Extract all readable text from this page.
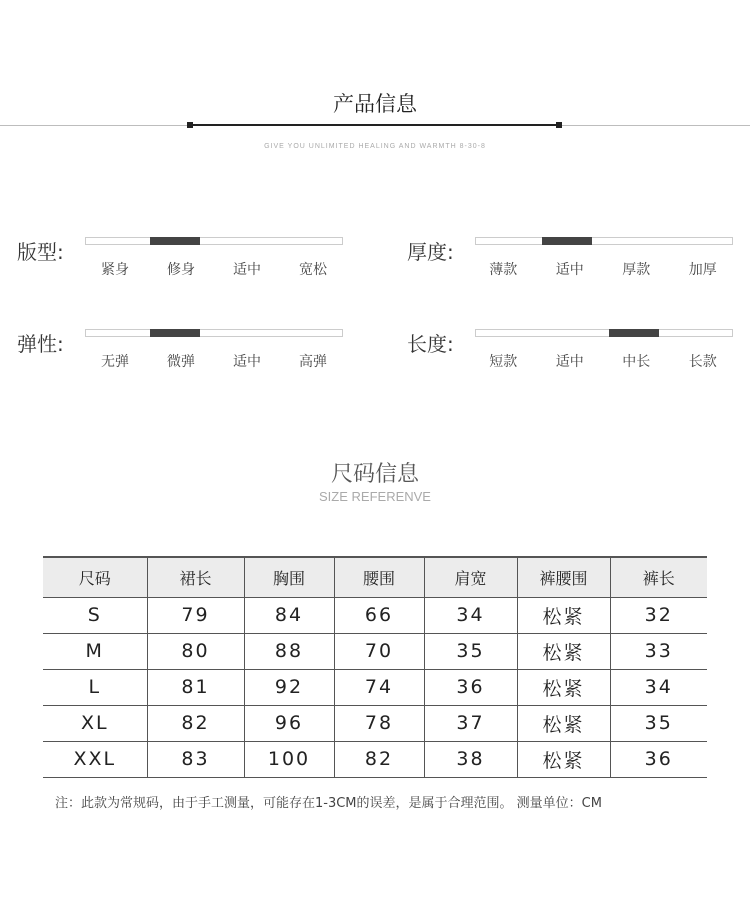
产品信息
GIVE YOU UNLIMITED HEALING AND WARMTH 8-30-8
版型:
紧身	修身	适中	宽松
厚度:
薄款	适中	厚款	加厚
弹性:
无弹	微弹	适中	高弹
长度:
短款	适中	中长	长款
尺码信息
SIZE REFERENVE
尺码	裙长	胸围	腰围	肩宽	裤腰围	裤长
S	79	84	66	34	松紧	32
M	80	88	70	35	松紧	33
L	81	92	74	36	松紧	34
XL	82	96	78	37	松紧	35
XXL	83	100	82	38	松紧	36
注：此款为常规码，由于手工测量，可能存在1-3CM的误差，是属于合理范围。 测量单位：CM
